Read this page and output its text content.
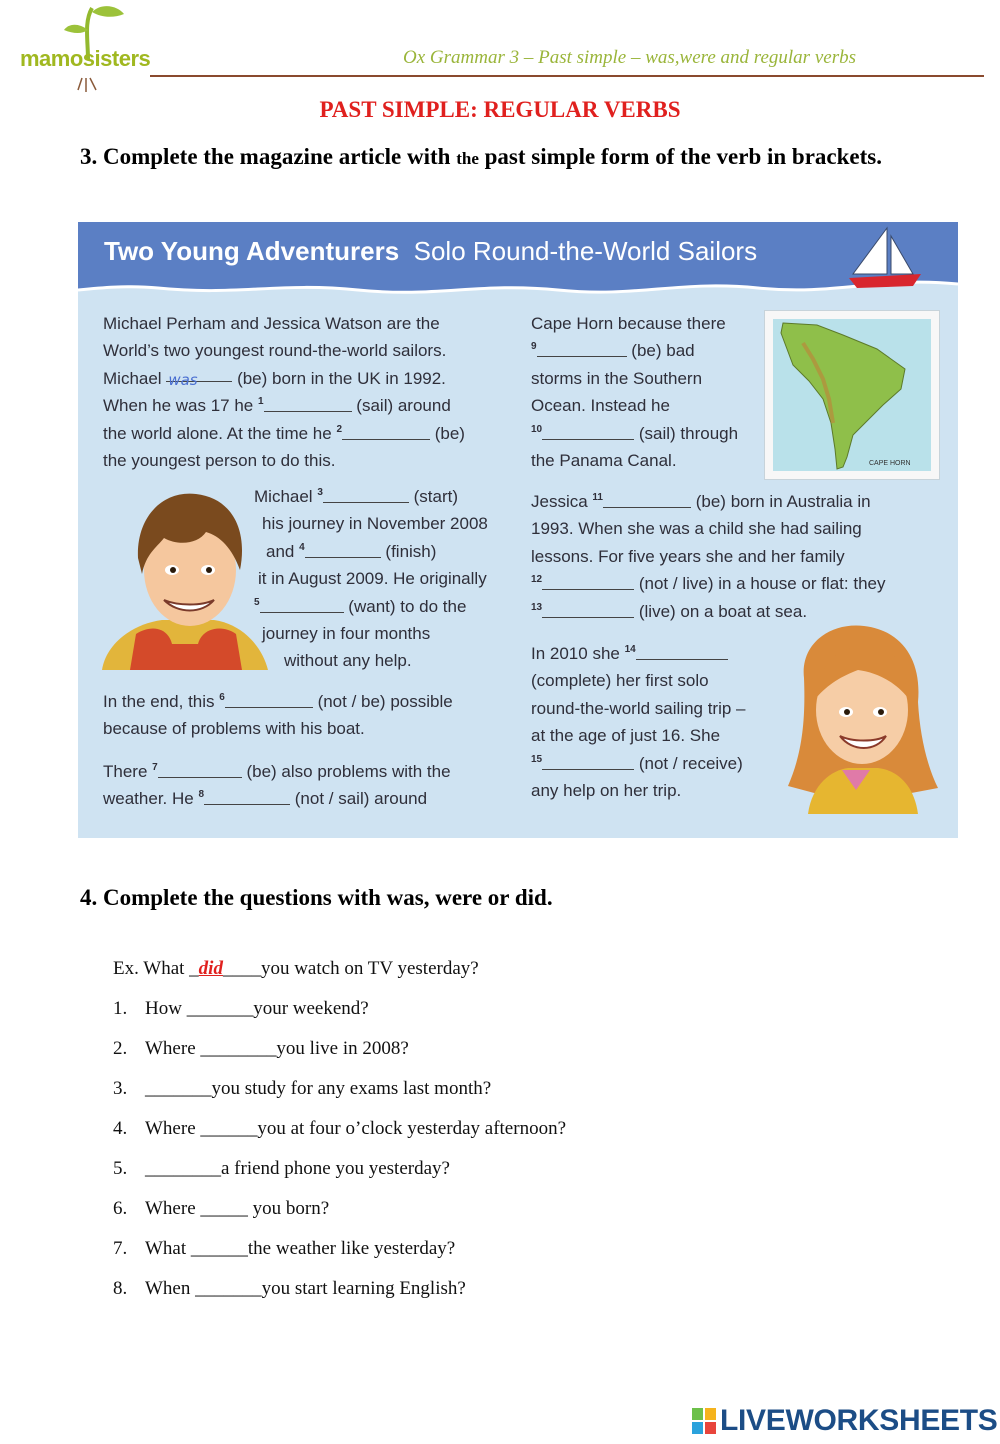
mamosisters	Ox Grammar 3 – Past simple – was,were and regular verbs
PAST SIMPLE: REGULAR VERBS
3. Complete the magazine article with the past simple form of the verb in brackets.
Two Young Adventurers Solo Round-the-World Sailors
Michael Perham and Jessica Watson are the
World’s two youngest round-the-world sailors.
Michael was (be) born in the UK in 1992.
When he was 17 he $^1$	(sail) around
the world alone. At the time he $^2$	(be)
the youngest person to do this.
Michael $^3$	(start)
his journey in November 2008
and $^4$	(finish)
it in August 2009. He originally
$^5$	(want) to do the
journey in four months
without any help.
In the end, this $^6$	(not / be) possible
because of problems with his boat.
There $^7$	(be) also problems with the
weather. He $^8$	(not / sail) around
CAPE HORN
Cape Horn because there
$^9$	(be) bad
storms in the Southern
Ocean. Instead he
$^{10}$	(sail) through
the Panama Canal.
Jessica $^{11}$	(be) born in Australia in
1993. When she was a child she had sailing
lessons. For five years she and her family
$^{12}$	(not / live) in a house or flat: they
$^{13}$	(live) on a boat at sea.
In 2010 she $^{14}$
(complete) her first solo
round-the-world sailing trip –
at the age of just 16. She
$^{15}$	(not / receive)
any help on her trip.
4. Complete the questions with was, were or did.
Ex. What _did____you watch on TV yesterday?
1. How _______your weekend?
2. Where ________you live in 2008?
3. _______you study for any exams last month?
4. Where ______you at four o’clock yesterday afternoon?
5. ________a friend phone you yesterday?
6. Where _____ you born?
7. What ______the weather like yesterday?
8. When _______you start learning English?
LIVEWORKSHEETS
